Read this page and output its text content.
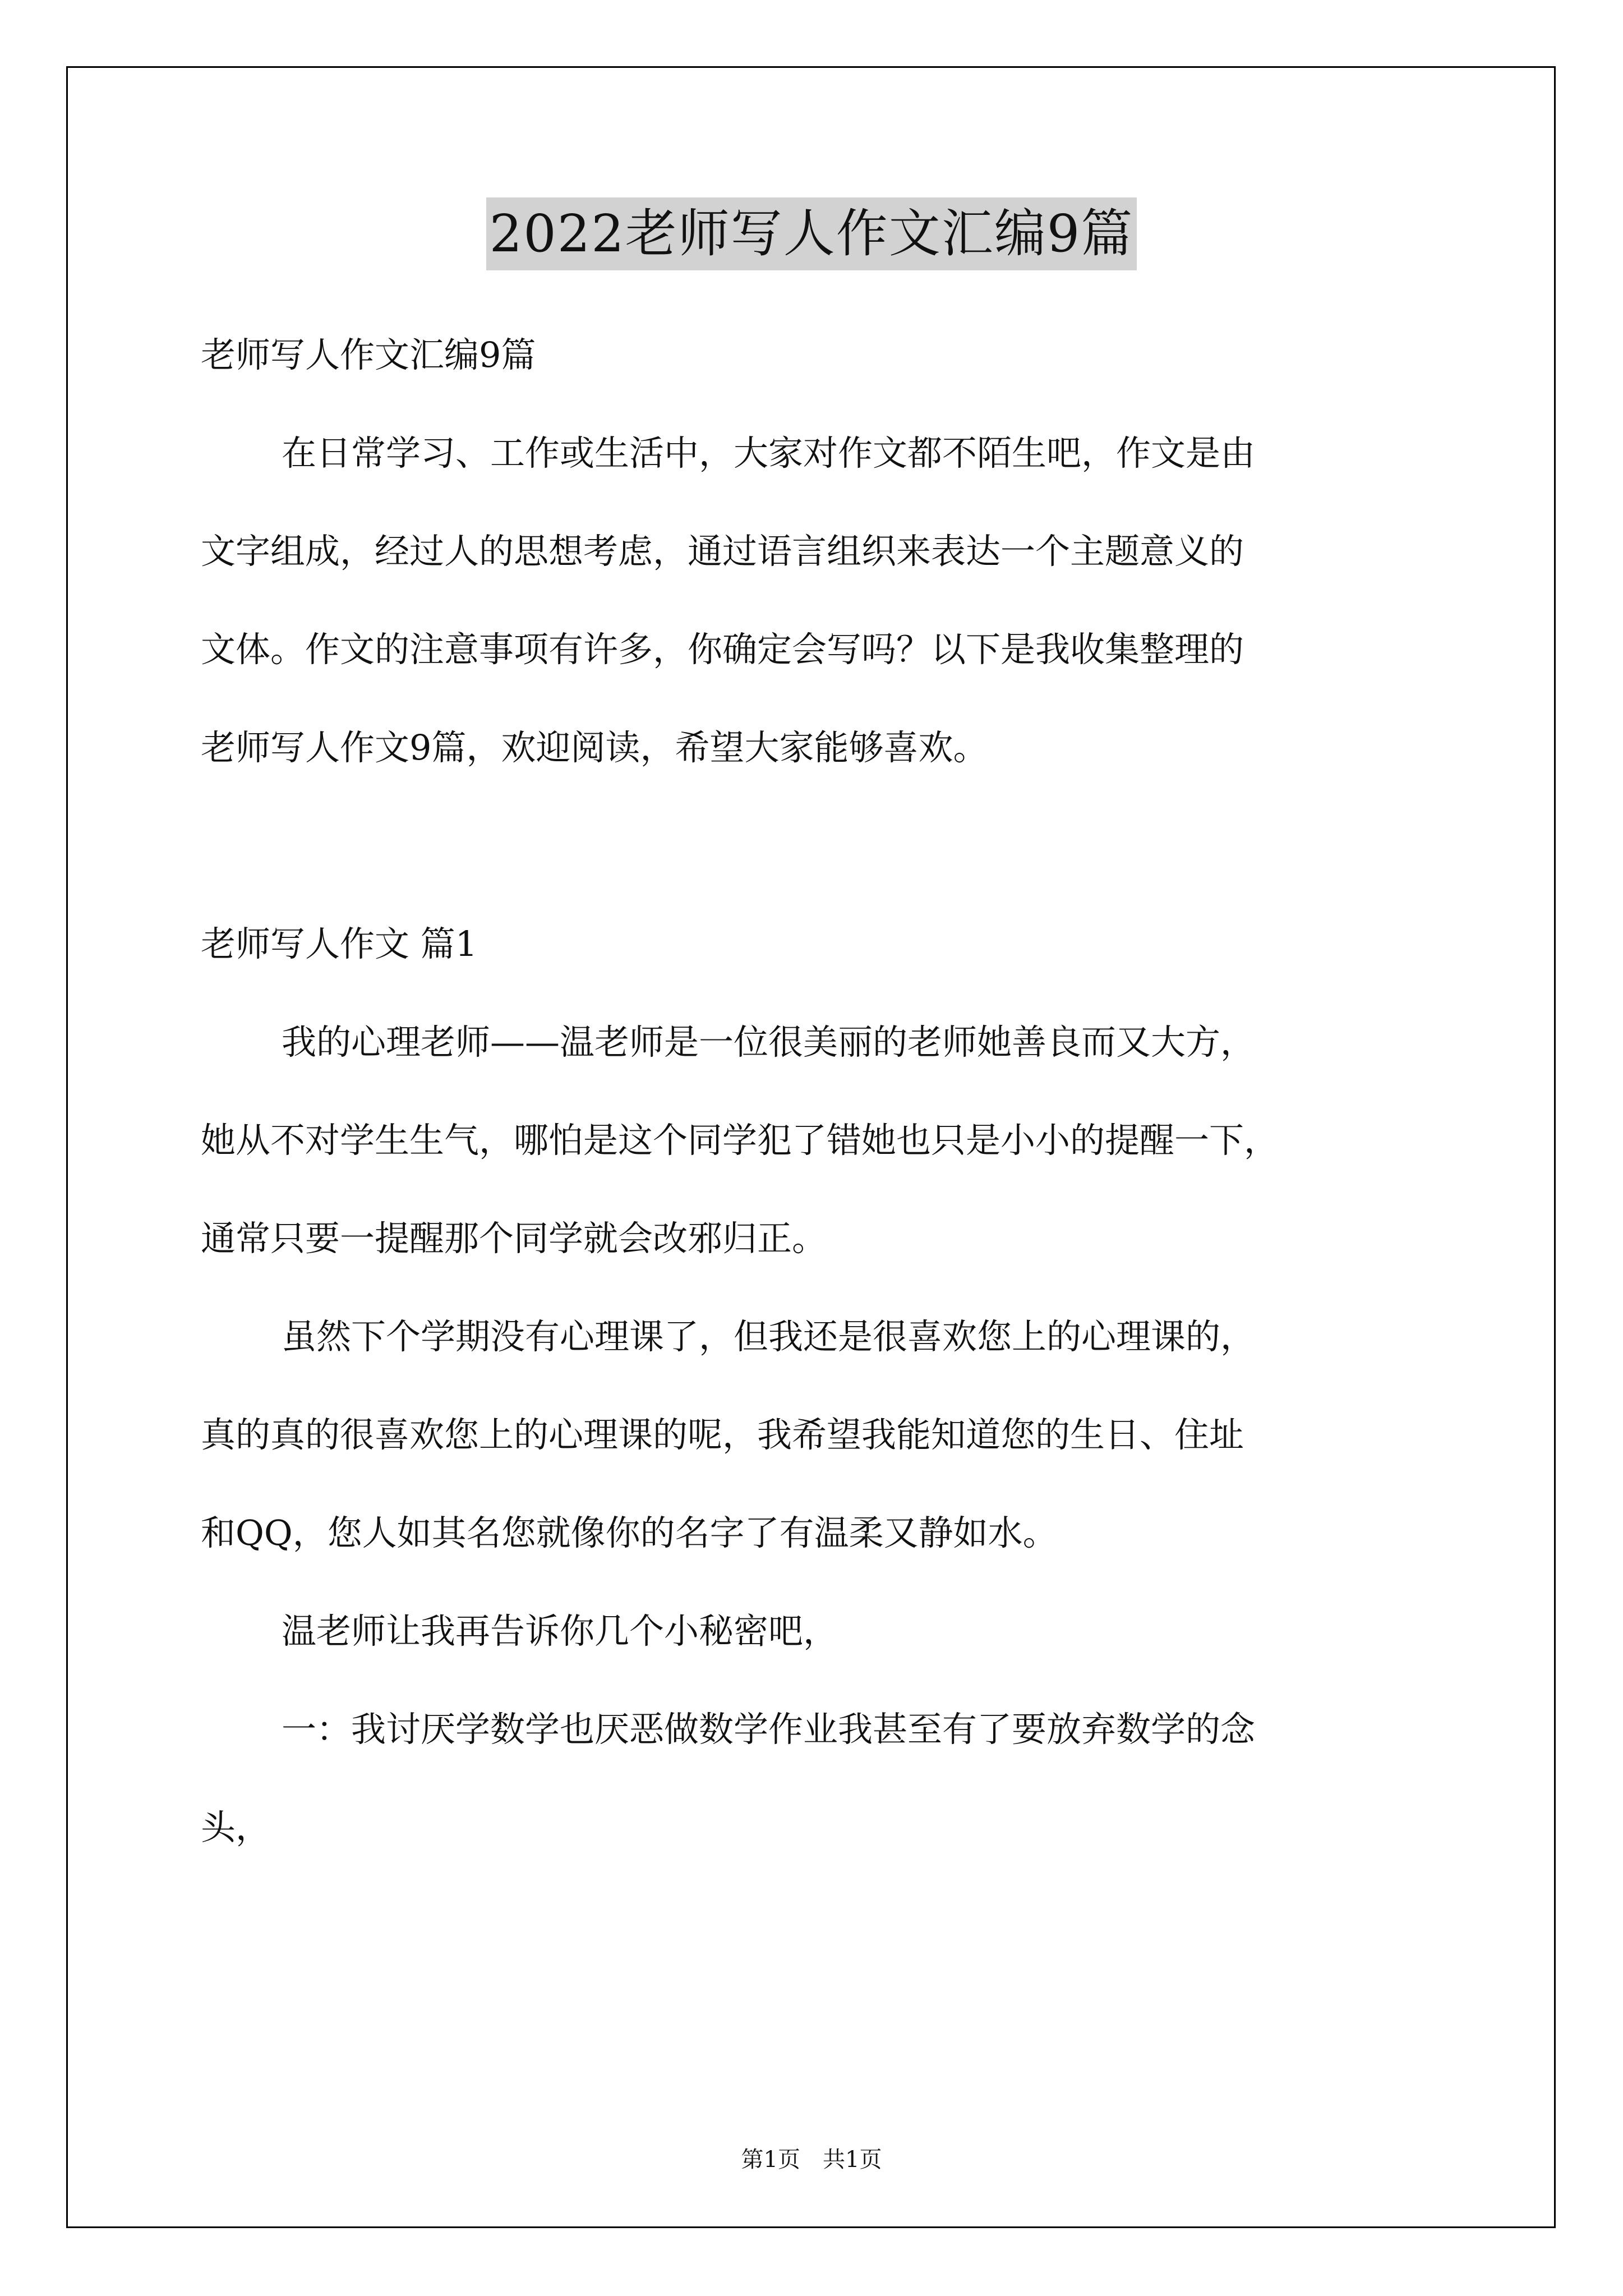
2022老师写人作文汇编9篇
老师写人作文汇编9篇
在日常学习、工作或生活中，大家对作文都不陌生吧，作文是由
文字组成，经过人的思想考虑，通过语言组织来表达一个主题意义的
文体。作文的注意事项有许多，你确定会写吗？以下是我收集整理的
老师写人作文9篇，欢迎阅读，希望大家能够喜欢。
老师写人作文 篇1
我的心理老师——温老师是一位很美丽的老师她善良而又大方，
她从不对学生生气，哪怕是这个同学犯了错她也只是小小的提醒一下，
通常只要一提醒那个同学就会改邪归正。
虽然下个学期没有心理课了，但我还是很喜欢您上的心理课的，
真的真的很喜欢您上的心理课的呢，我希望我能知道您的生日、住址
和QQ，您人如其名您就像你的名字了有温柔又静如水。
温老师让我再告诉你几个小秘密吧，
一：我讨厌学数学也厌恶做数学作业我甚至有了要放弃数学的念
头，
第1页　共1页
